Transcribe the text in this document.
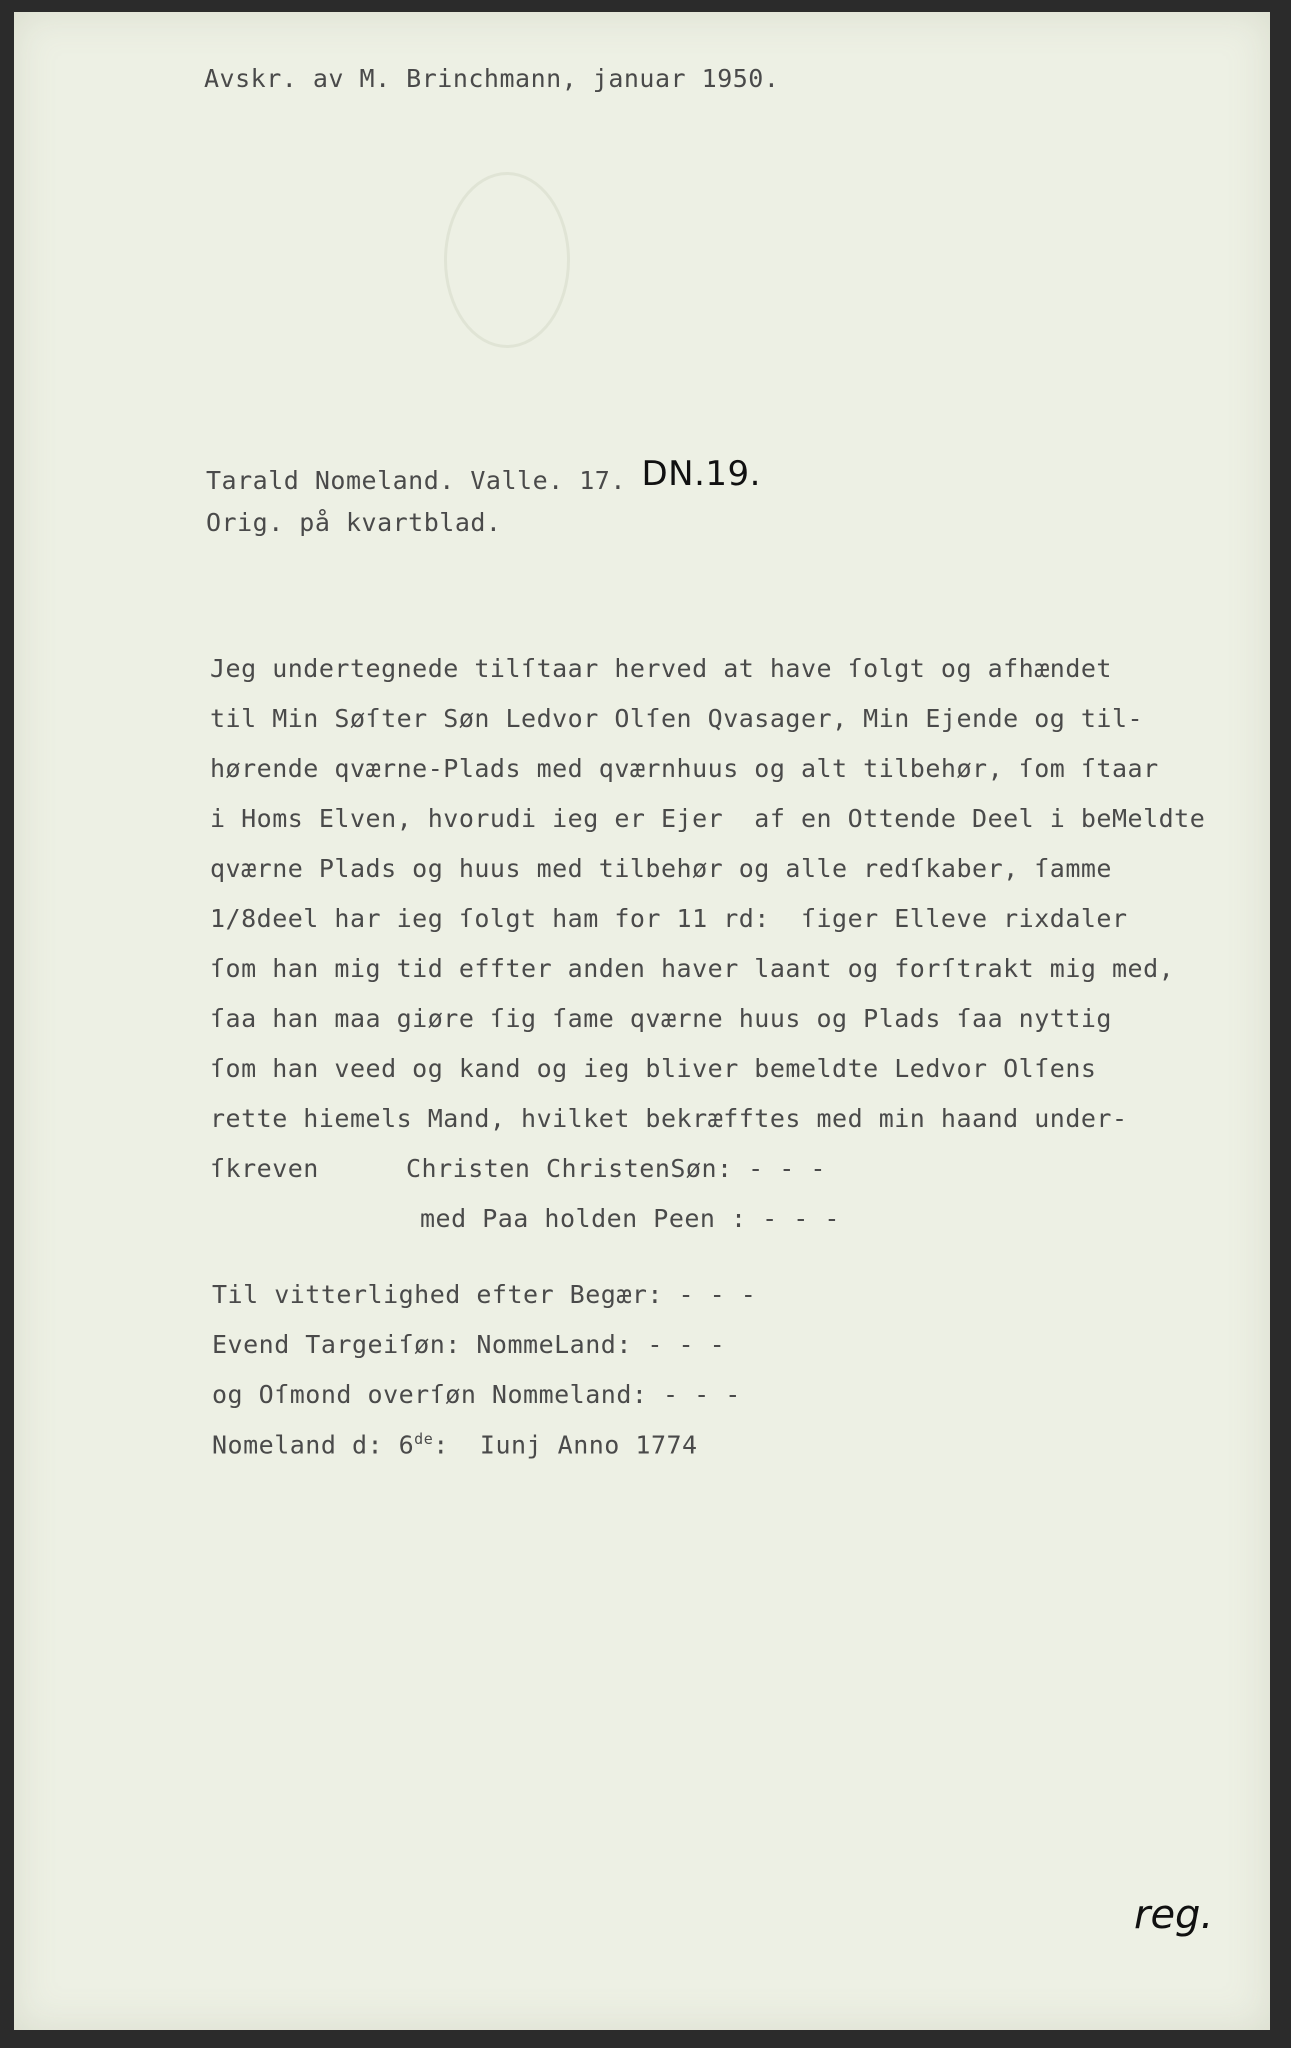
Avskr. av M. Brinchmann, januar 1950.
Tarald Nomeland. Valle. 17. DN.19.
Orig. på kvartblad.
Jeg undertegnede tilſtaar herved at have ſolgt og afhændet
til Min Søſter Søn Ledvor Olſen Qvasager, Min Ejende og til-
hørende qværne-Plads med qværnhuus og alt tilbehør, ſom ſtaar
i Homs Elven, hvorudi ieg er Ejer  af en Ottende Deel i beMeldte
qværne Plads og huus med tilbehør og alle redſkaber, ſamme
1/8deel har ieg ſolgt ham for 11 rd:  ſiger Elleve rixdaler
ſom han mig tid effter anden haver laant og forſtrakt mig med,
ſaa han maa giøre ſig ſame qværne huus og Plads ſaa nyttig
ſom han veed og kand og ieg bliver bemeldte Ledvor Olſens
rette hiemels Mand, hvilket bekræfftes med min haand under-
ſkreven	Christen ChristenSøn: - - -
med Paa holden Peen : - - -
Til vitterlighed efter Begær: - - -
Evend Targeiſøn: NommeLand: - - -
og Oſmond overſøn Nommeland: - - -
Nomeland d: 6de:  Iunj Anno 1774
reg.
